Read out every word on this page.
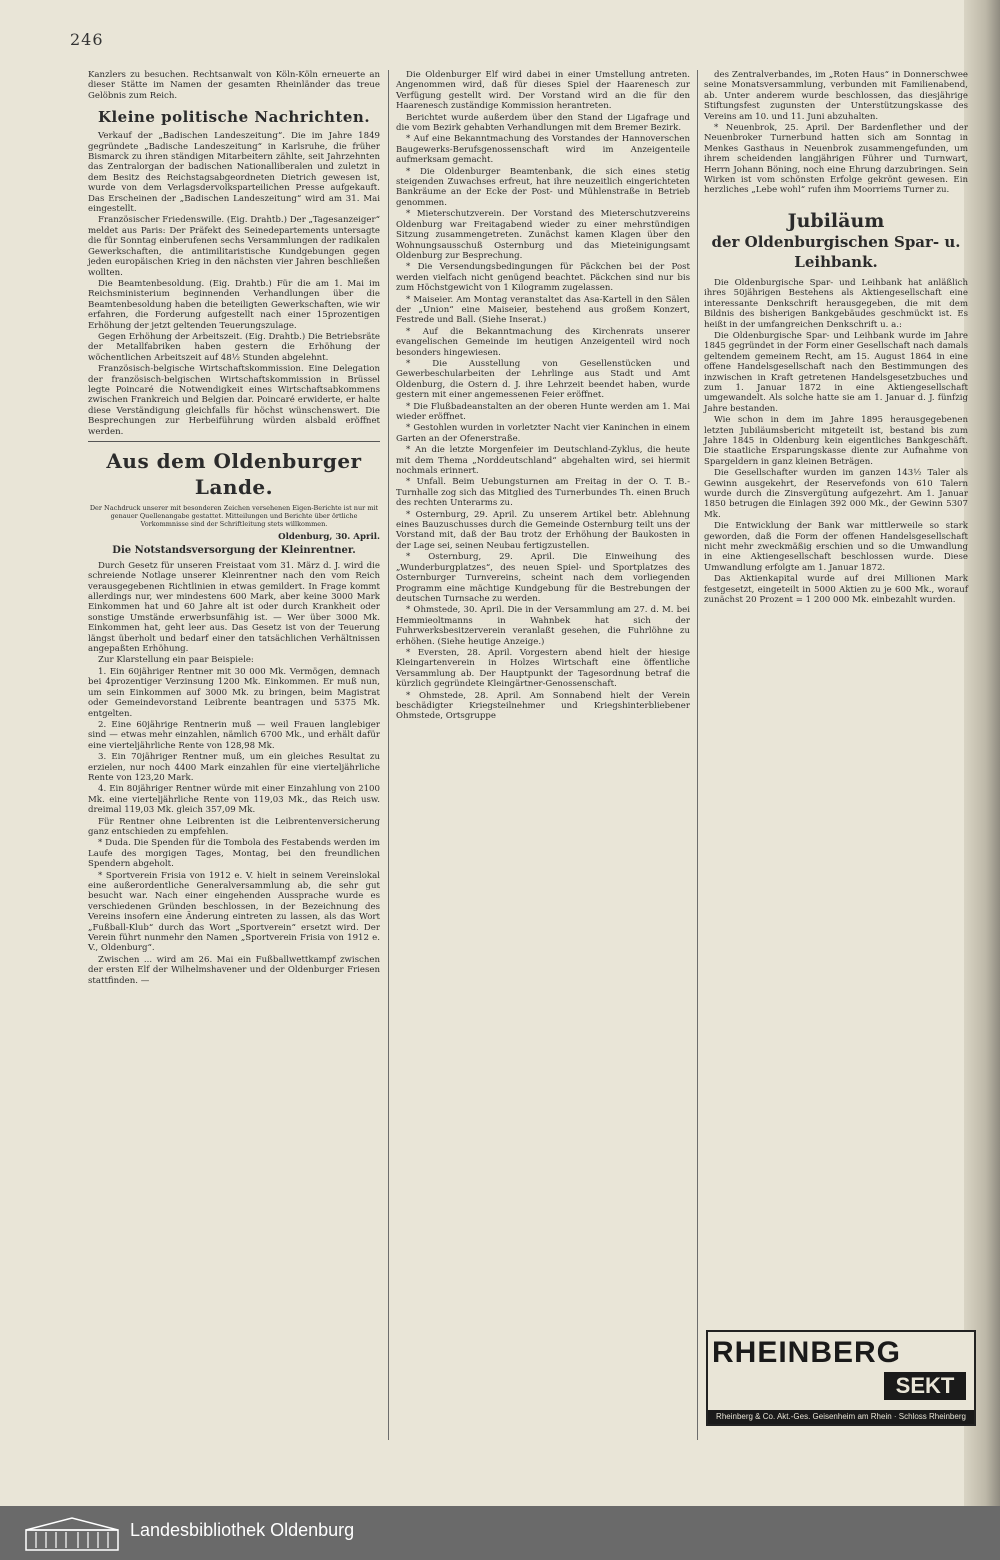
246

Kanzlers zu besuchen. Rechtsanwalt von Köln-Köln erneuerte an dieser Stätte im Namen der gesamten Rheinländer das treue Gelöbnis zum Reich.

Kleine politische Nachrichten.

Verkauf der „Badischen Landeszeitung“. Die im Jahre 1849 gegründete „Badische Landeszeitung“ in Karlsruhe, die früher Bismarck zu ihren ständigen Mitarbeitern zählte, seit Jahrzehnten das Zentralorgan der badischen Nationalliberalen und zuletzt in dem Besitz des Reichstagsabgeordneten Dietrich gewesen ist, wurde von dem Verlagsdervolksparteilichen Presse aufgekauft. Das Erscheinen der „Badischen Landeszeitung“ wird am 31. Mai eingestellt.

Französischer Friedenswille. (Eig. Drahtb.) Der „Tagesanzeiger“ meldet aus Paris: Der Präfekt des Seinedepartements untersagte die für Sonntag einberufenen sechs Versammlungen der radikalen Gewerkschaften, die antimilitaristische Kundgebungen gegen jeden europäischen Krieg in den nächsten vier Jahren beschließen wollten.

Die Beamtenbesoldung. (Eig. Drahtb.) Für die am 1. Mai im Reichsministerium beginnenden Verhandlungen über die Beamtenbesoldung haben die beteiligten Gewerkschaften, wie wir erfahren, die Forderung aufgestellt nach einer 15prozentigen Erhöhung der jetzt geltenden Teuerungszulage.

Gegen Erhöhung der Arbeitszeit. (Eig. Drahtb.) Die Betriebsräte der Metallfabriken haben gestern die Erhöhung der wöchentlichen Arbeitszeit auf 48½ Stunden abgelehnt.

Französisch-belgische Wirtschaftskommission. Eine Delegation der französisch-belgischen Wirtschaftskommission in Brüssel legte Poincaré die Notwendigkeit eines Wirtschaftsabkommens zwischen Frankreich und Belgien dar. Poincaré erwiderte, er halte diese Verständigung gleichfalls für höchst wünschenswert. Die Besprechungen zur Herbeiführung würden alsbald eröffnet werden.

Aus dem Oldenburger Lande.
Der Nachdruck unserer mit besonderen Zeichen versehenen Eigen-Berichte ist nur mit genauer Quellenangabe gestattet. Mitteilungen und Berichte über örtliche Vorkommnisse sind der Schriftleitung stets willkommen.
Oldenburg, 30. April.
Die Notstandsversorgung der Kleinrentner.

Durch Gesetz für unseren Freistaat vom 31. März d. J. wird die schreiende Notlage unserer Kleinrentner nach den vom Reich verausgegebenen Richtlinien in etwas gemildert. In Frage kommt allerdings nur, wer mindestens 600 Mark, aber keine 3000 Mark Einkommen hat und 60 Jahre alt ist oder durch Krankheit oder sonstige Umstände erwerbsunfähig ist. — Wer über 3000 Mk. Einkommen hat, geht leer aus. Das Gesetz ist von der Teuerung längst überholt und bedarf einer den tatsächlichen Verhältnissen angepaßten Erhöhung.

Zur Klarstellung ein paar Beispiele:

1. Ein 60jähriger Rentner mit 30 000 Mk. Vermögen, demnach bei 4prozentiger Verzinsung 1200 Mk. Einkommen. Er muß nun, um sein Einkommen auf 3000 Mk. zu bringen, beim Magistrat oder Gemeindevorstand Leibrente beantragen und 5375 Mk. entgelten.

2. Eine 60jährige Rentnerin muß — weil Frauen langlebiger sind — etwas mehr einzahlen, nämlich 6700 Mk., und erhält dafür eine vierteljährliche Rente von 128,98 Mk.

3. Ein 70jähriger Rentner muß, um ein gleiches Resultat zu erzielen, nur noch 4400 Mark einzahlen für eine vierteljährliche Rente von 123,20 Mark.

4. Ein 80jähriger Rentner würde mit einer Einzahlung von 2100 Mk. eine vierteljährliche Rente von 119,03 Mk., das Reich usw. dreimal 119,03 Mk. gleich 357,09 Mk.

Für Rentner ohne Leibrenten ist die Leibrentenversicherung ganz entschieden zu empfehlen.

* Duda. Die Spenden für die Tombola des Festabends werden im Laufe des morgigen Tages, Montag, bei den freundlichen Spendern abgeholt.

* Sportverein Frisia von 1912 e. V. hielt in seinem Vereinslokal eine außerordentliche Generalversammlung ab, die sehr gut besucht war. Nach einer eingehenden Aussprache wurde es verschiedenen Gründen beschlossen, in der Bezeichnung des Vereins insofern eine Änderung eintreten zu lassen, als das Wort „Fußball-Klub“ durch das Wort „Sportverein“ ersetzt wird. Der Verein führt nunmehr den Namen „Sportverein Frisia von 1912 e. V., Oldenburg“.

Zwischen ... wird am 26. Mai ein Fußballwettkampf zwischen der ersten Elf der Wilhelmshavener und der Oldenburger Friesen stattfinden. —

Die Oldenburger Elf wird dabei in einer Umstellung antreten. Angenommen wird, daß für dieses Spiel der Haarenesch zur Verfügung gestellt wird. Der Vorstand wird an die für den Haarenesch zuständige Kommission herantreten.

Berichtet wurde außerdem über den Stand der Ligafrage und die vom Bezirk gehabten Verhandlungen mit dem Bremer Bezirk.

* Auf eine Bekanntmachung des Vorstandes der Hannoverschen Baugewerks-Berufsgenossenschaft wird im Anzeigenteile aufmerksam gemacht.

* Die Oldenburger Beamtenbank, die sich eines stetig steigenden Zuwachses erfreut, hat ihre neuzeitlich eingerichteten Bankräume an der Ecke der Post- und Mühlenstraße in Betrieb genommen.

* Mieterschutzverein. Der Vorstand des Mieterschutzvereins Oldenburg war Freitagabend wieder zu einer mehrstündigen Sitzung zusammengetreten. Zunächst kamen Klagen über den Wohnungsausschuß Osternburg und das Mieteinigungsamt Oldenburg zur Besprechung.

* Die Versendungsbedingungen für Päckchen bei der Post werden vielfach nicht genügend beachtet. Päckchen sind nur bis zum Höchstgewicht von 1 Kilogramm zugelassen.

* Maiseier. Am Montag veranstaltet das Asa-Kartell in den Sälen der „Union“ eine Maiseier, bestehend aus großem Konzert, Festrede und Ball. (Siehe Inserat.)

* Auf die Bekanntmachung des Kirchenrats unserer evangelischen Gemeinde im heutigen Anzeigenteil wird noch besonders hingewiesen.

* Die Ausstellung von Gesellenstücken und Gewerbeschularbeiten der Lehrlinge aus Stadt und Amt Oldenburg, die Ostern d. J. ihre Lehrzeit beendet haben, wurde gestern mit einer angemessenen Feier eröffnet.

* Die Flußbadeanstalten an der oberen Hunte werden am 1. Mai wieder eröffnet.

* Gestohlen wurden in vorletzter Nacht vier Kaninchen in einem Garten an der Ofenerstraße.

* An die letzte Morgenfeier im Deutschland-Zyklus, die heute mit dem Thema „Norddeutschland“ abgehalten wird, sei hiermit nochmals erinnert.

* Unfall. Beim Uebungsturnen am Freitag in der O. T. B.-Turnhalle zog sich das Mitglied des Turnerbundes Th. einen Bruch des rechten Unterarms zu.

* Osternburg, 29. April. Zu unserem Artikel betr. Ablehnung eines Bauzuschusses durch die Gemeinde Osternburg teilt uns der Vorstand mit, daß der Bau trotz der Erhöhung der Baukosten in der Lage sei, seinen Neubau fertigzustellen.

* Osternburg, 29. April. Die Einweihung des „Wunderburgplatzes“, des neuen Spiel- und Sportplatzes des Osternburger Turnvereins, scheint nach dem vorliegenden Programm eine mächtige Kundgebung für die Bestrebungen der deutschen Turnsache zu werden.

* Ohmstede, 30. April. Die in der Versammlung am 27. d. M. bei Hemmieoltmanns in Wahnbek hat sich der Fuhrwerksbesitzerverein veranlaßt gesehen, die Fuhrlöhne zu erhöhen. (Siehe heutige Anzeige.)

* Eversten, 28. April. Vorgestern abend hielt der hiesige Kleingartenverein in Holzes Wirtschaft eine öffentliche Versammlung ab. Der Hauptpunkt der Tagesordnung betraf die kürzlich gegründete Kleingärtner-Genossenschaft.

* Ohmstede, 28. April. Am Sonnabend hielt der Verein beschädigter Kriegsteilnehmer und Kriegshinterbliebener Ohmstede, Ortsgruppe

des Zentralverbandes, im „Roten Haus“ in Donnerschwee seine Monatsversammlung, verbunden mit Familienabend, ab. Unter anderem wurde beschlossen, das diesjährige Stiftungsfest zugunsten der Unterstützungskasse des Vereins am 10. und 11. Juni abzuhalten.

* Neuenbrok, 25. April. Der Bardenflether und der Neuenbroker Turnerbund hatten sich am Sonntag in Menkes Gasthaus in Neuenbrok zusammengefunden, um ihrem scheidenden langjährigen Führer und Turnwart, Herrn Johann Böning, noch eine Ehrung darzubringen. Sein Wirken ist vom schönsten Erfolge gekrönt gewesen. Ein herzliches „Lebe wohl“ rufen ihm Moorriems Turner zu.

Jubiläum
der Oldenburgischen Spar- u. Leihbank.

Die Oldenburgische Spar- und Leihbank hat anläßlich ihres 50jährigen Bestehens als Aktiengesellschaft eine interessante Denkschrift herausgegeben, die mit dem Bildnis des bisherigen Bankgebäudes geschmückt ist. Es heißt in der umfangreichen Denkschrift u. a.:

Die Oldenburgische Spar- und Leihbank wurde im Jahre 1845 gegründet in der Form einer Gesellschaft nach damals geltendem gemeinem Recht, am 15. August 1864 in eine offene Handelsgesellschaft nach den Bestimmungen des inzwischen in Kraft getretenen Handelsgesetzbuches und zum 1. Januar 1872 in eine Aktiengesellschaft umgewandelt. Als solche hatte sie am 1. Januar d. J. fünfzig Jahre bestanden.

Wie schon in dem im Jahre 1895 herausgegebenen letzten Jubiläumsbericht mitgeteilt ist, bestand bis zum Jahre 1845 in Oldenburg kein eigentliches Bankgeschäft. Die staatliche Ersparungskasse diente zur Aufnahme von Spargeldern in ganz kleinen Beträgen.

Die Gesellschafter wurden im ganzen 143½ Taler als Gewinn ausgekehrt, der Reservefonds von 610 Talern wurde durch die Zinsvergütung aufgezehrt. Am 1. Januar 1850 betrugen die Einlagen 392 000 Mk., der Gewinn 5307 Mk.

Die Entwicklung der Bank war mittlerweile so stark geworden, daß die Form der offenen Handelsgesellschaft nicht mehr zweckmäßig erschien und so die Umwandlung in eine Aktiengesellschaft beschlossen wurde. Diese Umwandlung erfolgte am 1. Januar 1872.

Das Aktienkapital wurde auf drei Millionen Mark festgesetzt, eingeteilt in 5000 Aktien zu je 600 Mk., worauf zunächst 20 Prozent = 1 200 000 Mk. einbezahlt wurden.

RHEINBERG
SEKT
Rheinberg & Co. Akt.-Ges. Geisenheim am Rhein · Schloss Rheinberg
Landesbibliothek Oldenburg
